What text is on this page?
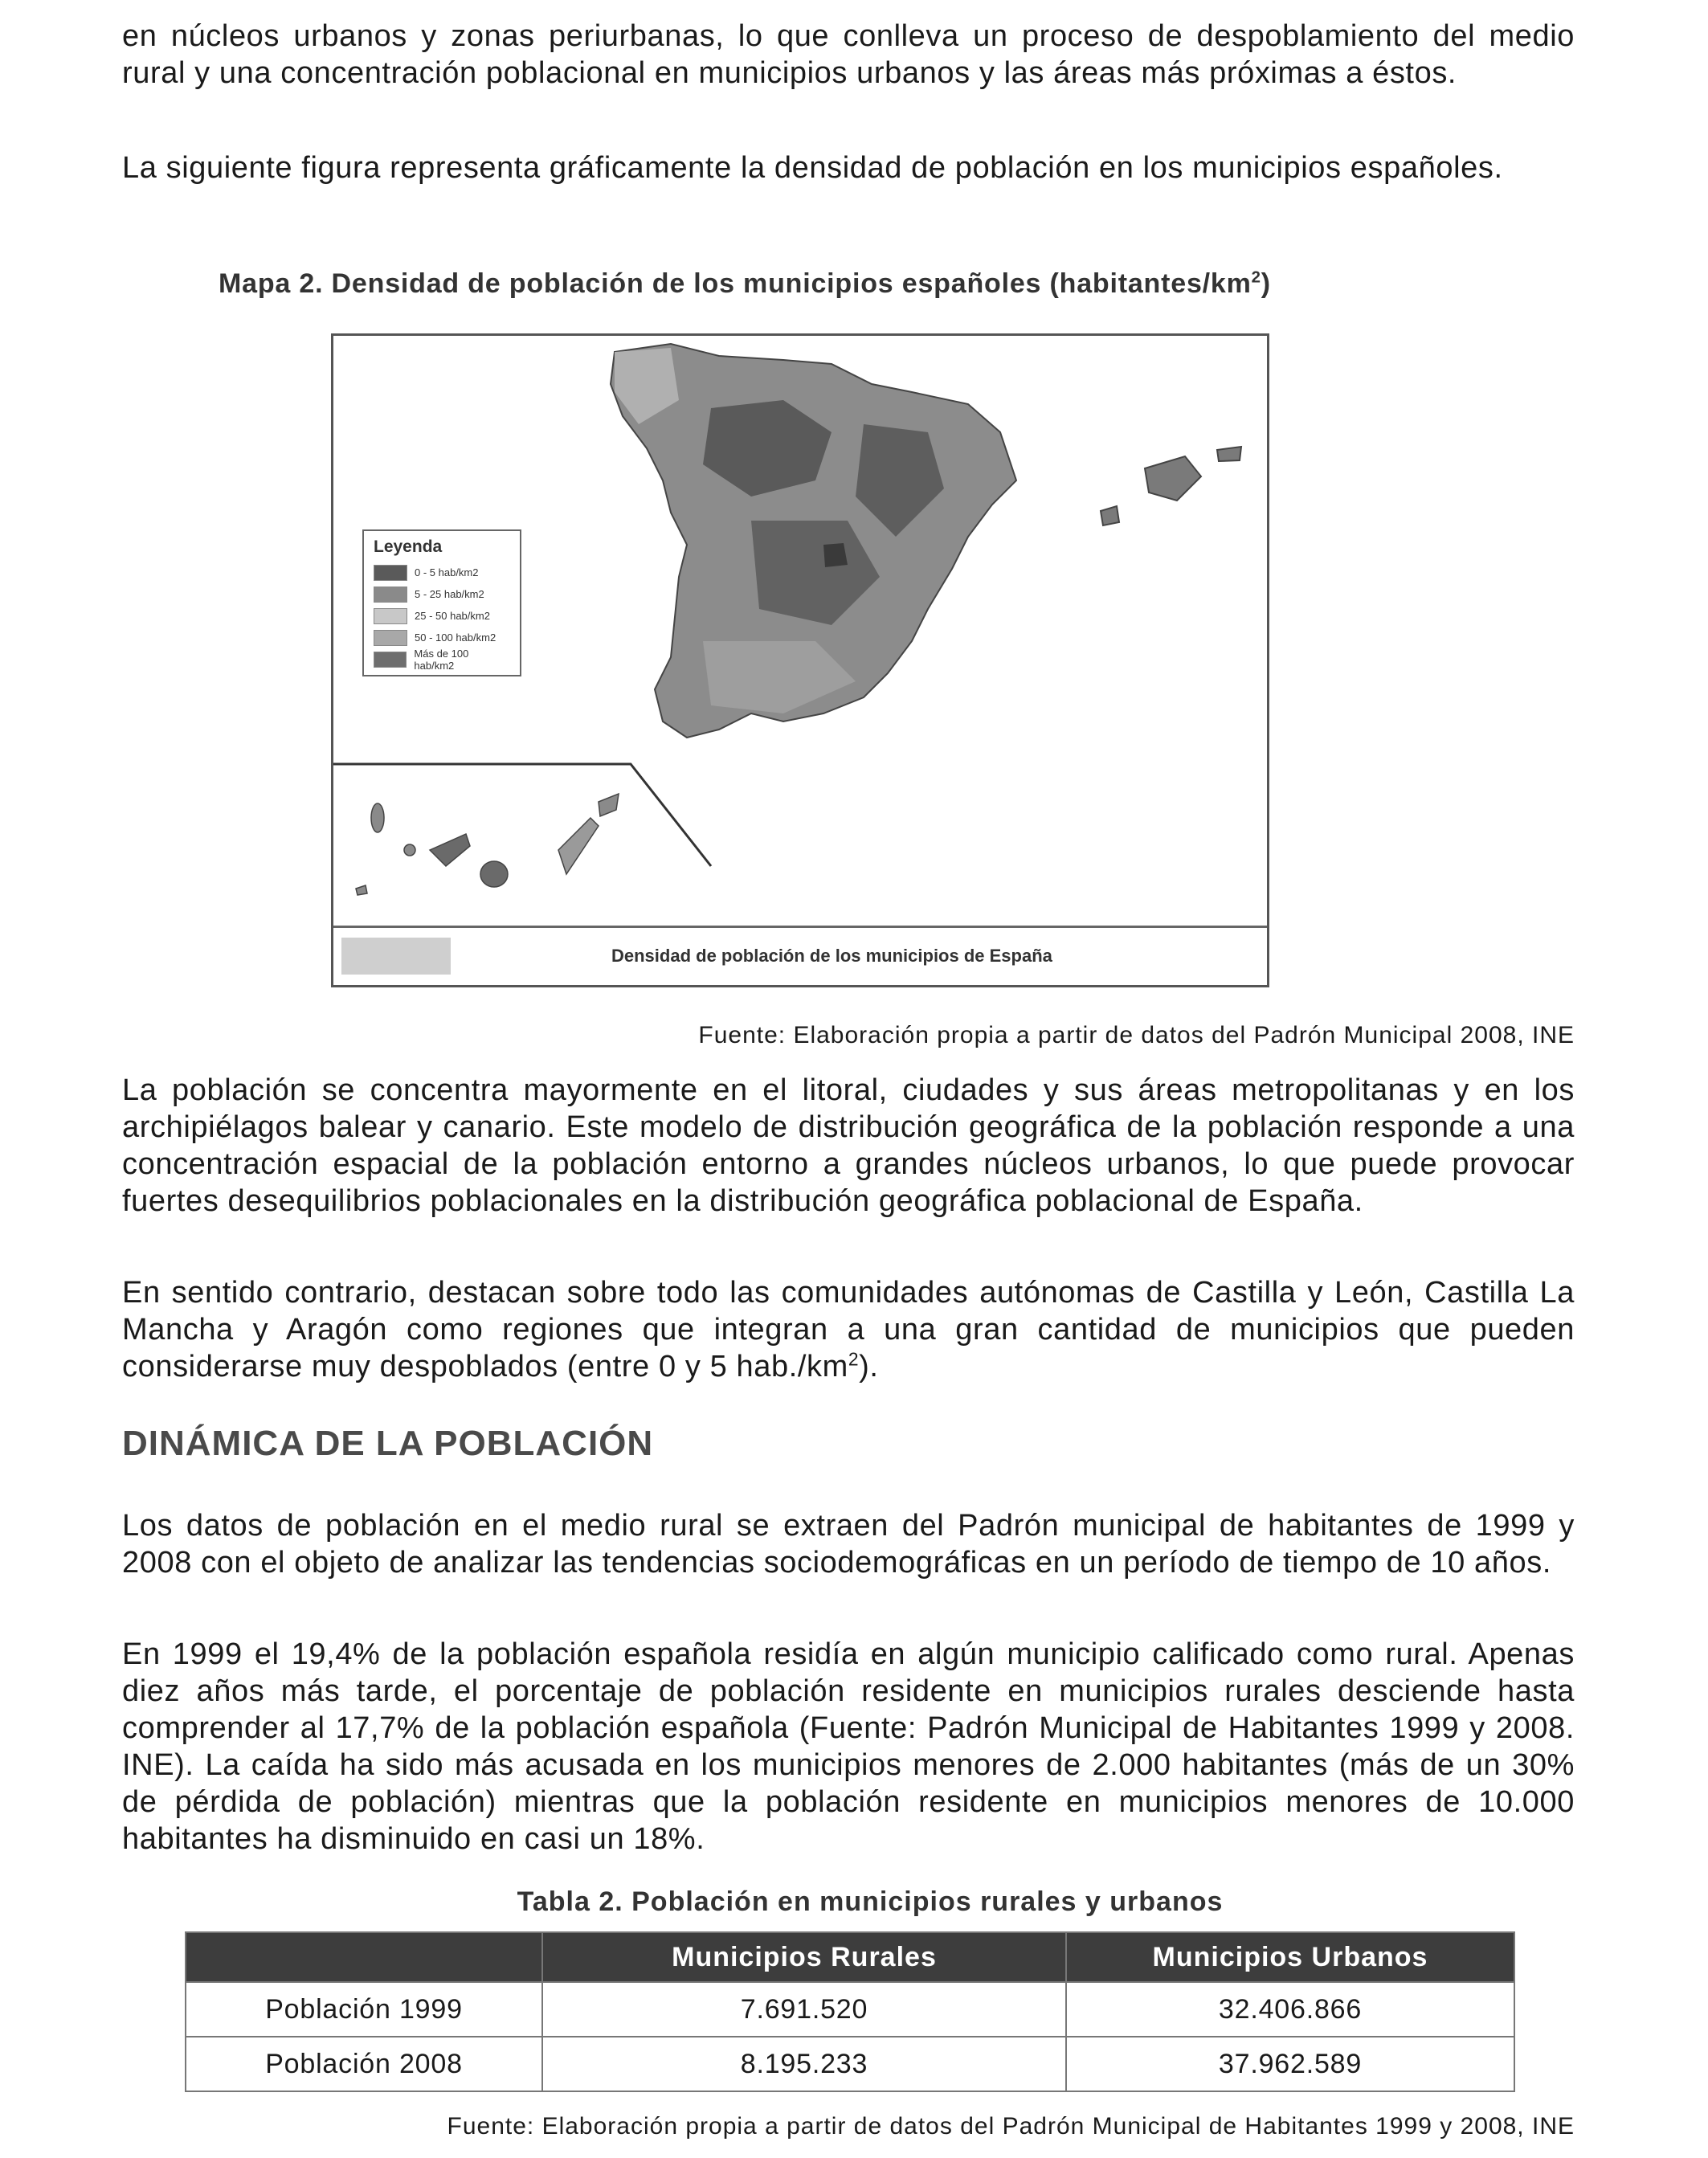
en núcleos urbanos y zonas periurbanas, lo que conlleva un proceso de despoblamiento del medio rural y una concentración poblacional en municipios urbanos y las áreas más próximas a éstos.

La siguiente figura representa gráficamente la densidad de población en los municipios españoles.

Mapa 2. Densidad de población de los municipios españoles $(habitantes/km^2)$
Leyenda
0 - 5 hab/km2
5 - 25 hab/km2
25 - 50 hab/km2
50 - 100 hab/km2
Más de 100 hab/km2
Densidad de población de los municipios de España
Fuente: Elaboración propia a partir de datos del Padrón Municipal 2008, INE

La población se concentra mayormente en el litoral, ciudades y sus áreas metropolitanas y en los archipiélagos balear y canario. Este modelo de distribución geográfica de la población responde a una concentración espacial de la población entorno a grandes núcleos urbanos, lo que puede provocar fuertes desequilibrios poblacionales en la distribución geográfica poblacional de España.

En sentido contrario, destacan sobre todo las comunidades autónomas de Castilla y León, Castilla La Mancha y Aragón como regiones que integran a una gran cantidad de municipios que pueden considerarse muy despoblados (entre 0 y 5 $hab./km^2$).

DINÁMICA DE LA POBLACIÓN

Los datos de población en el medio rural se extraen del Padrón municipal de habitantes de 1999 y 2008 con el objeto de analizar las tendencias sociodemográficas en un período de tiempo de 10 años.

En 1999 el 19,4% de la población española residía en algún municipio calificado como rural. Apenas diez años más tarde, el porcentaje de población residente en municipios rurales desciende hasta comprender al 17,7% de la población española (Fuente: Padrón Municipal de Habitantes 1999 y 2008. INE). La caída ha sido más acusada en los municipios menores de 2.000 habitantes (más de un 30% de pérdida de población) mientras que la población residente en municipios menores de 10.000 habitantes ha disminuido en casi un 18%.

Tabla 2. Población en municipios rurales y urbanos
	Municipios Rurales	Municipios Urbanos
Población 1999	7.691.520	32.406.866
Población 2008	8.195.233	37.962.589
Fuente: Elaboración propia a partir de datos del Padrón Municipal de Habitantes 1999 y 2008, INE
